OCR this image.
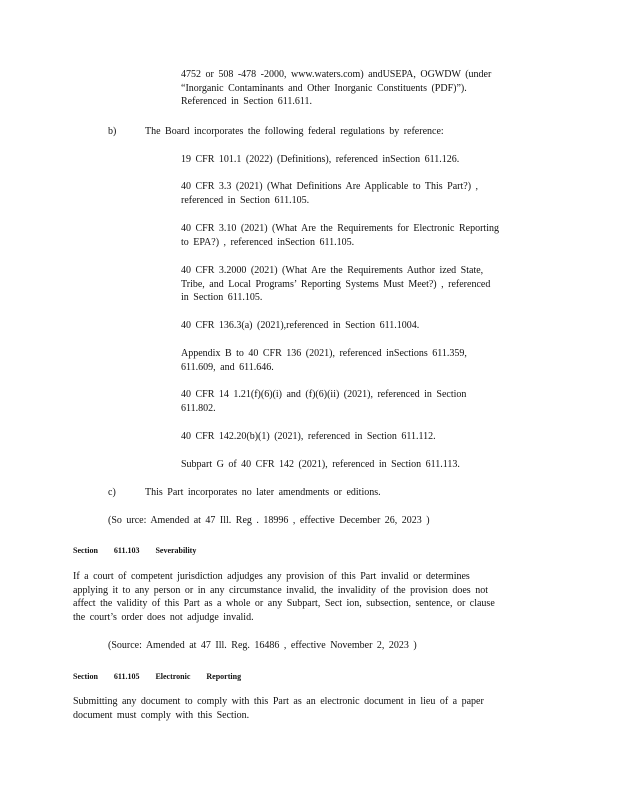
4752 or 508 -478 -2000, www.waters.com) andUSEPA, OGWDW (under
“Inorganic Contaminants and Other Inorganic Constituents (PDF)”).
Referenced in Section 611.611.
b)	The Board incorporates the following federal regulations by reference:
19 CFR 101.1 (2022) (Definitions), referenced inSection 611.126.
40 CFR 3.3 (2021) (What Definitions Are Applicable to This Part?) ,
referenced in Section 611.105.
40 CFR 3.10 (2021) (What Are the Requirements for Electronic Reporting
to EPA?) , referenced inSection 611.105.
40 CFR 3.2000 (2021) (What Are the Requirements Author ized State,
Tribe, and Local Programs’ Reporting Systems Must Meet?) , referenced
in Section 611.105.
40 CFR 136.3(a) (2021),referenced in Section 611.1004.
Appendix B to 40 CFR 136 (2021), referenced inSections 611.359,
611.609, and 611.646.
40 CFR 14 1.21(f)(6)(i) and (f)(6)(ii) (2021), referenced in Section
611.802.
40 CFR 142.20(b)(1) (2021), referenced in Section 611.112.
Subpart G of 40 CFR 142 (2021), referenced in Section 611.113.
c)	This Part incorporates no later amendments or editions.
(So urce: Amended at 47 Ill. Reg . 18996 , effective December 26, 2023 )
Section 611.103 Severability
If a court of competent jurisdiction adjudges any provision of this Part invalid or determines
applying it to any person or in any circumstance invalid, the invalidity of the provision does not
affect the validity of this Part as a whole or any Subpart, Sect ion, subsection, sentence, or clause
the court’s order does not adjudge invalid.
(Source: Amended at 47 Ill. Reg. 16486 , effective November 2, 2023 )
Section 611.105 Electronic Reporting
Submitting any document to comply with this Part as an electronic document in lieu of a paper
document must comply with this Section.
